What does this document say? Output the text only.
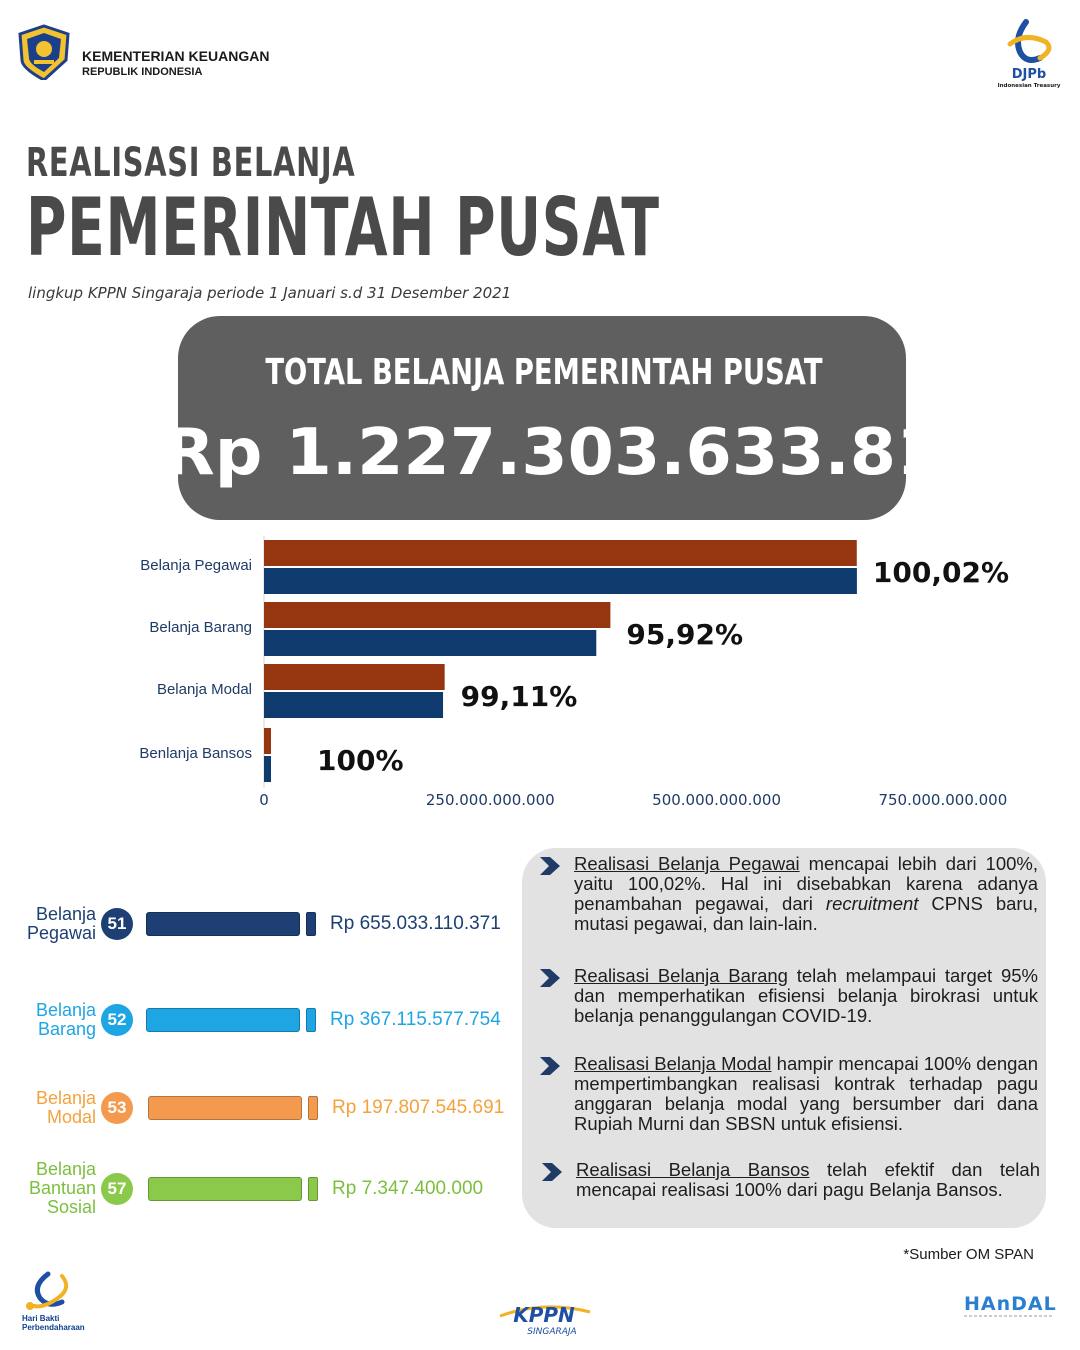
KEMENTERIAN KEUANGAN
REPUBLIK INDONESIA	DJPb
Indonesian Treasury
REALISASI BELANJA
PEMERINTAH PUSAT
lingkup KPPN Singaraja periode 1 Januari s.d 31 Desember 2021
TOTAL BELANJA PEMERINTAH PUSAT
Rp 1.227.303.633.816
Belanja Pegawai	100,02%
Belanja Barang	95,92%
Belanja Modal	99,11%
Benlanja Bansos 100%
0	250.000.000.000	500.000.000.000	750.000.000.000
Belanja
Pegawai 51	Rp 655.033.110.371
Belanja
Barang 52	Rp 367.115.577.754
Belanja
Modal 53	Rp 197.807.545.691
Belanja
Bantuan
Sosial
57	Rp 7.347.400.000
Realisasi Belanja Pegawai mencapai lebih dari 100%, yaitu 100,02%. Hal ini disebabkan karena adanya penambahan pegawai, dari recruitment CPNS baru, mutasi pegawai, dan lain-lain.
Realisasi Belanja Barang telah melampaui target 95% dan memperhatikan efisiensi belanja birokrasi untuk belanja penanggulangan COVID-19.
Realisasi Belanja Modal hampir mencapai 100% dengan mempertimbangkan realisasi kontrak terhadap pagu anggaran belanja modal yang bersumber dari dana Rupiah Murni dan SBSN untuk efisiensi.
Realisasi Belanja Bansos telah efektif dan telah mencapai realisasi 100% dari pagu Belanja Bansos.
*Sumber OM SPAN
Hari Bakti
Perbendaharaan
KPPN
SINGARAJA
HAnDAL
